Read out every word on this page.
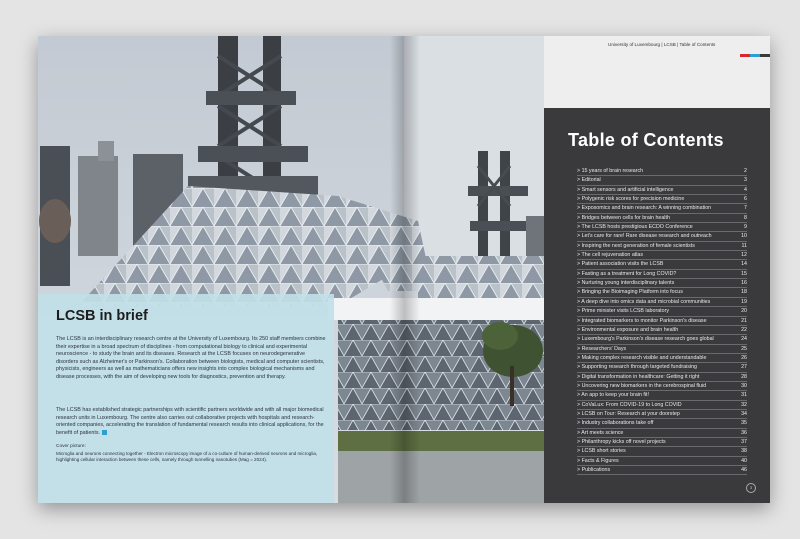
University of Luxembourg | LCSB | Table of Contents
Table of Contents
> 15 years of brain research	2
> Editorial	3
> Smart sensors and artificial intelligence	4
> Polygenic risk scores for precision medicine	6
> Exposomics and brain research: A winning combination	7
> Bridges between cells for brain health	8
> The LCSB hosts prestigious ECDO Conference	9
> Let's care for rare! Rare disease research and outreach	10
> Inspiring the next generation of female scientists	11
> The cell rejuvenation atlas	12
> Patient association visits the LCSB	14
> Fasting as a treatment for Long COVID?	15
> Nurturing young interdisciplinary talents	16
> Bringing the Bioimaging Platform into focus	18
> A deep dive into omics data and microbial communities	19
> Prime minister visits LCSB laboratory	20
> Integrated biomarkers to monitor Parkinson's disease	21
> Environmental exposure and brain health	22
> Luxembourg's Parkinson's disease research goes global	24
> Researchers' Days	25
> Making complex research visible and understandable	26
> Supporting research through targeted fundraising	27
> Digital transformation in healthcare: Getting it right	28
> Uncovering new biomarkers in the cerebrospinal fluid	30
> An app to keep your brain fit!	31
> CoVaLux: From COVID-19 to Long COVID	32
> LCSB on Tour: Research at your doorstep	34
> Industry collaborations take off	35
> Art meets science	36
> Philanthropy kicks off novel projects	37
> LCSB short stories	38
> Facts & Figures	40
> Publications	46
3
LCSB in brief

The LCSB is an interdisciplinary research centre at the University of Luxembourg. Its 250 staff members combine their expertise in a broad spectrum of disciplines - from computational biology to clinical and experimental neuroscience - to study the brain and its diseases. Research at the LCSB focuses on neurodegenerative disorders such as Alzheimer's or Parkinson's. Collaboration between biologists, medical and computer scientists, physicists, engineers as well as mathematicians offers new insights into complex biological mechanisms and disease processes, with the aim of developing new tools for diagnostics, prevention and therapy.

The LCSB has established strategic partnerships with scientific partners worldwide and with all major biomedical research units in Luxembourg. The centre also carries out collaborative projects with hospitals and research-oriented companies, accelerating the translation of fundamental research results into clinical applications, for the benefit of patients.

Cover picture:

Microglia and neurons connecting together - Electron microscopy image of a co-culture of human-derived neurons and microglia, highlighting cellular interaction between these cells, namely through tunnelling nanotubes (Mag = 2024).
